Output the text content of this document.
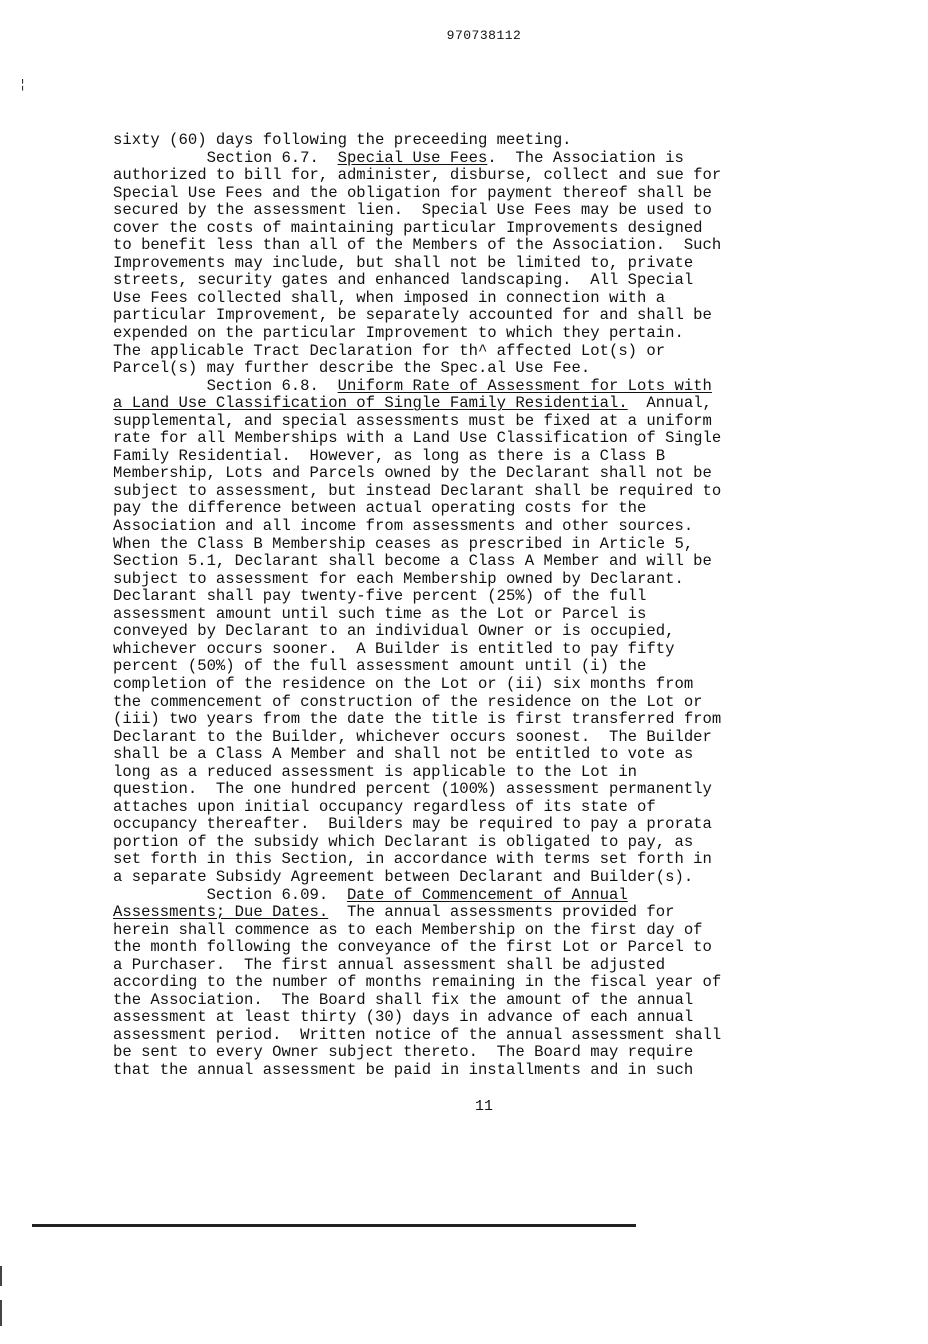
970738112
¦
sixty (60) days following the preceeding meeting.
Section 6.7.  Special Use Fees.  The Association is
authorized to bill for, administer, disburse, collect and sue for
Special Use Fees and the obligation for payment thereof shall be
secured by the assessment lien.  Special Use Fees may be used to
cover the costs of maintaining particular Improvements designed
to benefit less than all of the Members of the Association.  Such
Improvements may include, but shall not be limited to, private
streets, security gates and enhanced landscaping.  All Special
Use Fees collected shall, when imposed in connection with a
particular Improvement, be separately accounted for and shall be
expended on the particular Improvement to which they pertain.
The applicable Tract Declaration for th^ affected Lot(s) or
Parcel(s) may further describe the Spec.al Use Fee.
Section 6.8.  Uniform Rate of Assessment for Lots with
a Land Use Classification of Single Family Residential.  Annual,
supplemental, and special assessments must be fixed at a uniform
rate for all Memberships with a Land Use Classification of Single
Family Residential.  However, as long as there is a Class B
Membership, Lots and Parcels owned by the Declarant shall not be
subject to assessment, but instead Declarant shall be required to
pay the difference between actual operating costs for the
Association and all income from assessments and other sources.
When the Class B Membership ceases as prescribed in Article 5,
Section 5.1, Declarant shall become a Class A Member and will be
subject to assessment for each Membership owned by Declarant.
Declarant shall pay twenty-five percent (25%) of the full
assessment amount until such time as the Lot or Parcel is
conveyed by Declarant to an individual Owner or is occupied,
whichever occurs sooner.  A Builder is entitled to pay fifty
percent (50%) of the full assessment amount until (i) the
completion of the residence on the Lot or (ii) six months from
the commencement of construction of the residence on the Lot or
(iii) two years from the date the title is first transferred from
Declarant to the Builder, whichever occurs soonest.  The Builder
shall be a Class A Member and shall not be entitled to vote as
long as a reduced assessment is applicable to the Lot in
question.  The one hundred percent (100%) assessment permanently
attaches upon initial occupancy regardless of its state of
occupancy thereafter.  Builders may be required to pay a prorata
portion of the subsidy which Declarant is obligated to pay, as
set forth in this Section, in accordance with terms set forth in
a separate Subsidy Agreement between Declarant and Builder(s).
Section 6.09.  Date of Commencement of Annual
Assessments; Due Dates.  The annual assessments provided for
herein shall commence as to each Membership on the first day of
the month following the conveyance of the first Lot or Parcel to
a Purchaser.  The first annual assessment shall be adjusted
according to the number of months remaining in the fiscal year of
the Association.  The Board shall fix the amount of the annual
assessment at least thirty (30) days in advance of each annual
assessment period.  Written notice of the annual assessment shall
be sent to every Owner subject thereto.  The Board may require
that the annual assessment be paid in installments and in such
11
